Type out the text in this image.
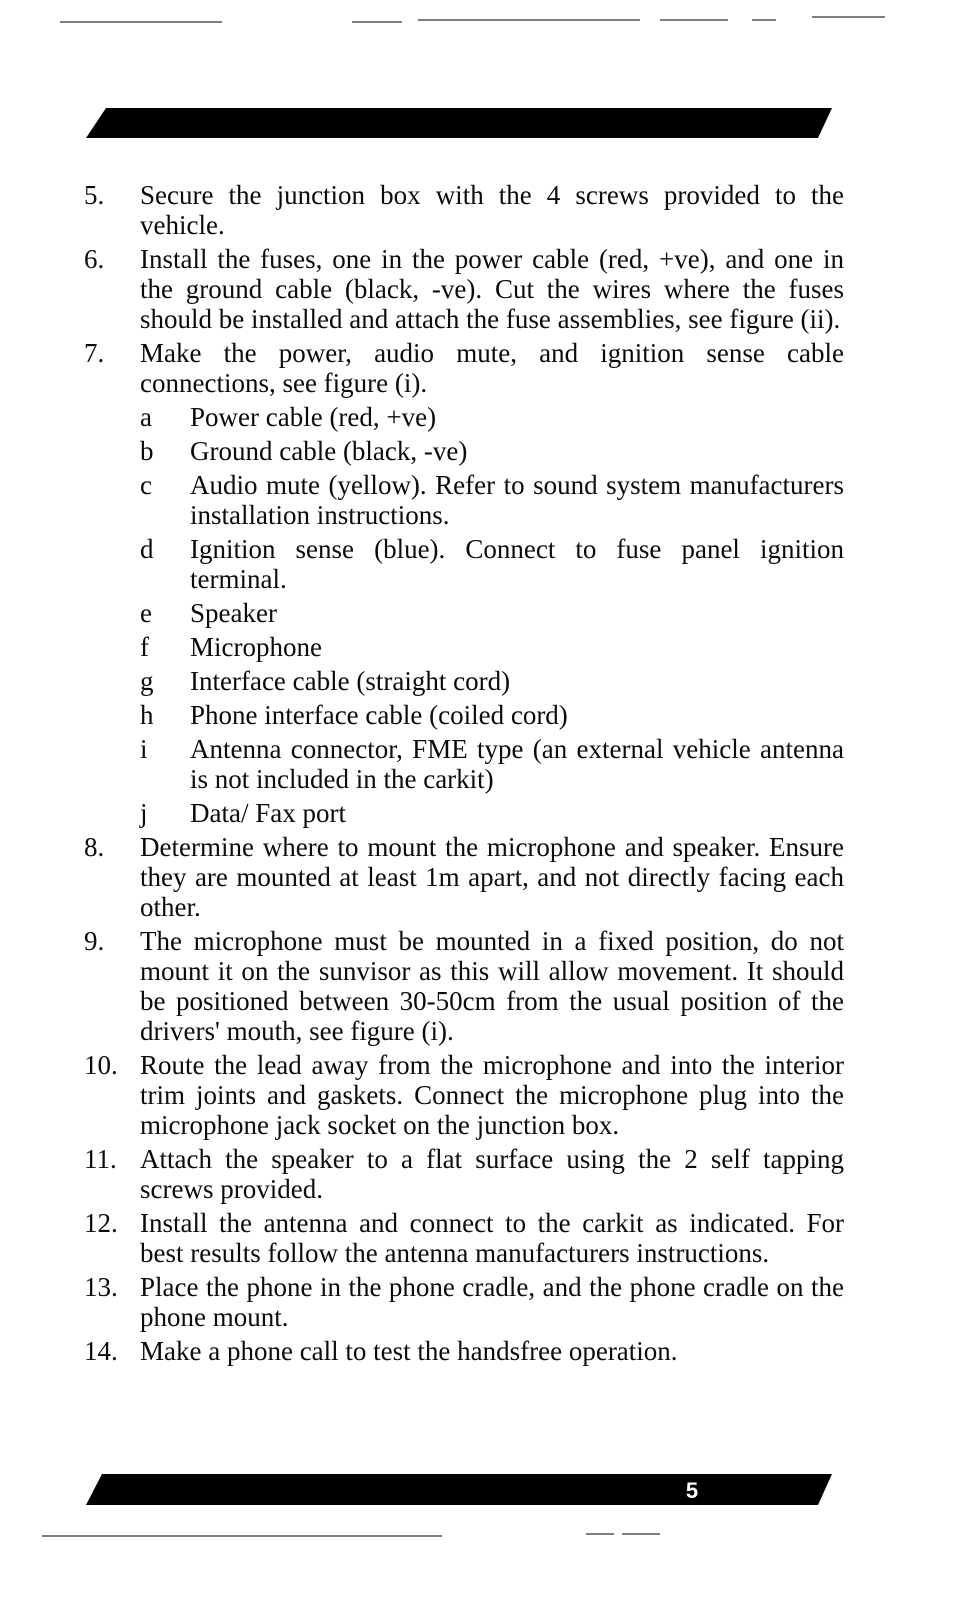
5
5.	Secure the junction box with the 4 screws provided to the vehicle.
6.	Install the fuses, one in the power cable (red, +ve), and one in the ground cable (black, -ve). Cut the wires where the fuses should be installed and attach the fuse assemblies, see figure (ii).
7.	Make the power, audio mute, and ignition sense cable connections, see figure (i).
a	Power cable (red, +ve)
b	Ground cable (black, -ve)
c	Audio mute (yellow). Refer to sound system manufacturers installation instructions.
d	Ignition sense (blue). Connect to fuse panel ignition terminal.
e	Speaker
f	Microphone
g	Interface cable (straight cord)
h	Phone interface cable (coiled cord)
i	Antenna connector, FME type (an external vehicle antenna is not included in the carkit)
j	Data/ Fax port
8.	Determine where to mount the microphone and speaker. Ensure they are mounted at least 1m apart, and not directly facing each other.
9.	The microphone must be mounted in a fixed position, do not mount it on the sunvisor as this will allow movement. It should be positioned between 30-50cm from the usual position of the drivers' mouth, see figure (i).
10. Route the lead away from the microphone and into the interior trim joints and gaskets. Connect the microphone plug into the microphone jack socket on the junction box.
11. Attach the speaker to a flat surface using the 2 self tapping screws provided.
12. Install the antenna and connect to the carkit as indicated. For best results follow the antenna manufacturers instructions.
13. Place the phone in the phone cradle, and the phone cradle on the phone mount.
14. Make a phone call to test the handsfree operation.
